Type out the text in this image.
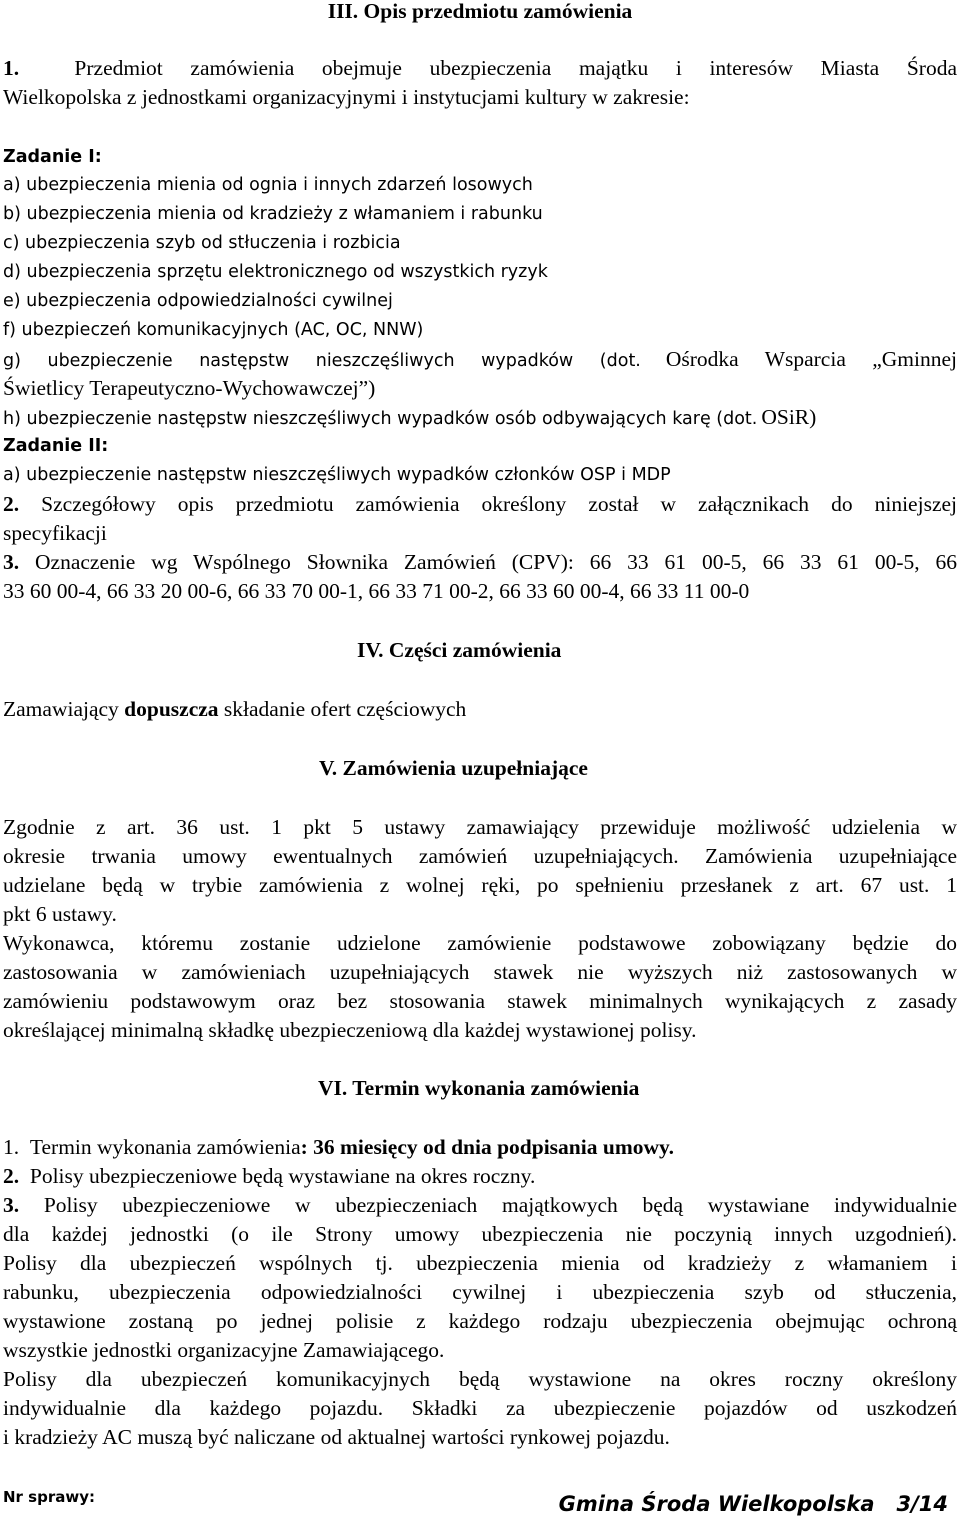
III. Opis przedmiotu zamówienia
1.	Przedmiot zamówienia obejmuje ubezpieczenia majątku i interesów Miasta Środa
Wielkopolska z jednostkami organizacyjnymi i instytucjami kultury w zakresie:
Zadanie I:
a) ubezpieczenia mienia od ognia i innych zdarzeń losowych
b) ubezpieczenia mienia od kradzieży z włamaniem i rabunku
c) ubezpieczenia szyb od stłuczenia i rozbicia
d) ubezpieczenia sprzętu elektronicznego od wszystkich ryzyk
e) ubezpieczenia odpowiedzialności cywilnej
f) ubezpieczeń komunikacyjnych (AC, OC, NNW)
g) ubezpieczenie następstw nieszczęśliwych wypadków (dot. Ośrodka Wsparcia „Gminnej
Świetlicy Terapeutyczno-Wychowawczej”)
h) ubezpieczenie następstw nieszczęśliwych wypadków osób odbywających karę (dot. OSiR)
Zadanie II:
a) ubezpieczenie następstw nieszczęśliwych wypadków członków OSP i MDP
2. Szczegółowy opis przedmiotu zamówienia określony został w załącznikach do niniejszej
specyfikacji
3. Oznaczenie wg Wspólnego Słownika Zamówień (CPV): 66 33 61 00-5, 66 33 61 00-5, 66
33 60 00-4, 66 33 20 00-6, 66 33 70 00-1, 66 33 71 00-2, 66 33 60 00-4, 66 33 11 00-0
IV. Części zamówienia
Zamawiający dopuszcza składanie ofert częściowych
V. Zamówienia uzupełniające
Zgodnie z art. 36 ust. 1 pkt 5 ustawy zamawiający przewiduje możliwość udzielenia w
okresie trwania umowy ewentualnych zamówień uzupełniających. Zamówienia uzupełniające
udzielane będą w trybie zamówienia z wolnej ręki, po spełnieniu przesłanek z art. 67 ust. 1
pkt 6 ustawy.
Wykonawca, któremu zostanie udzielone zamówienie podstawowe zobowiązany będzie do
zastosowania w zamówieniach uzupełniających stawek nie wyższych niż zastosowanych w
zamówieniu podstawowym oraz bez stosowania stawek minimalnych wynikających z zasady
określającej minimalną składkę ubezpieczeniową dla każdej wystawionej polisy.
VI. Termin wykonania zamówienia
1. Termin wykonania zamówienia: 36 miesięcy od dnia podpisania umowy.
2. Polisy ubezpieczeniowe będą wystawiane na okres roczny.
3. Polisy ubezpieczeniowe w ubezpieczeniach majątkowych będą wystawiane indywidualnie
dla każdej jednostki (o ile Strony umowy ubezpieczenia nie poczynią innych uzgodnień).
Polisy dla ubezpieczeń wspólnych tj. ubezpieczenia mienia od kradzieży z włamaniem i
rabunku, ubezpieczenia odpowiedzialności cywilnej i ubezpieczenia szyb od stłuczenia,
wystawione zostaną po jednej polisie z każdego rodzaju ubezpieczenia obejmując ochroną
wszystkie jednostki organizacyjne Zamawiającego.
Polisy dla ubezpieczeń komunikacyjnych będą wystawione na okres roczny określony
indywidualnie dla każdego pojazdu. Składki za ubezpieczenie pojazdów od uszkodzeń
i kradzieży AC muszą być naliczane od aktualnej wartości rynkowej pojazdu.
Nr sprawy:	Gmina Środa Wielkopolska 3/14
